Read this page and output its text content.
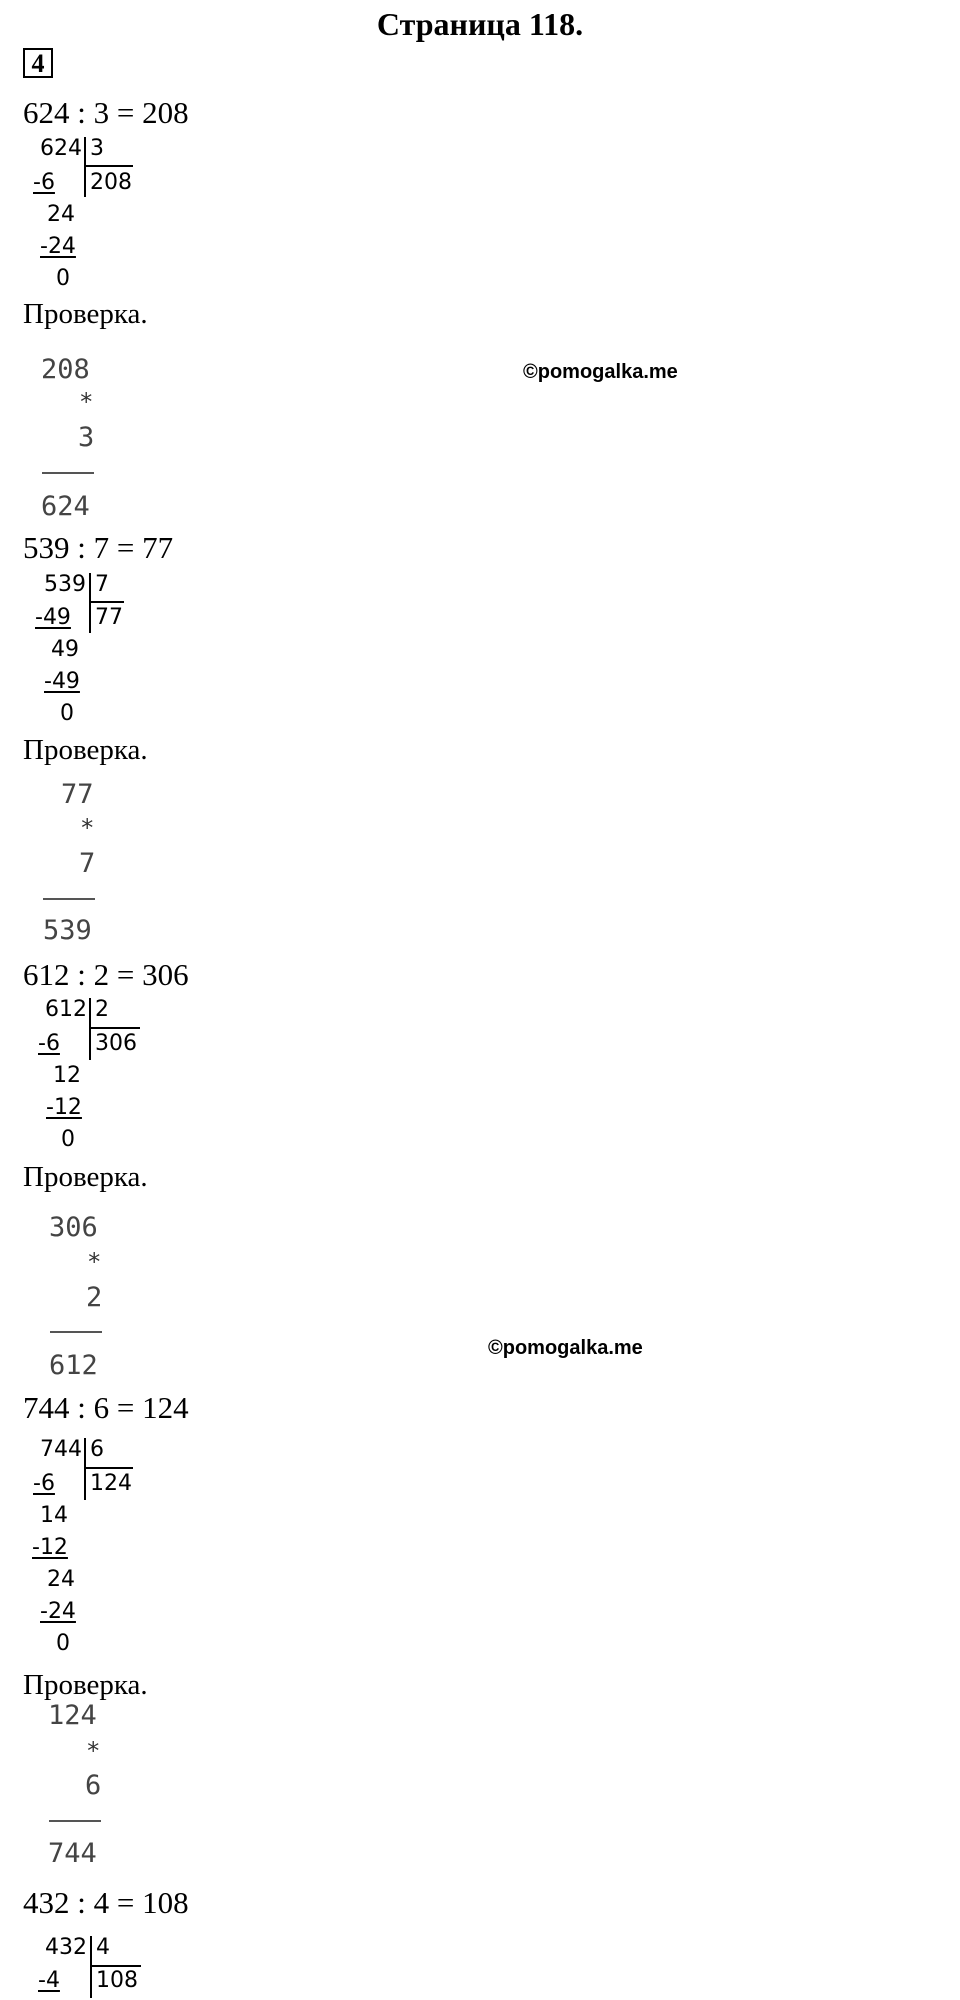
Страница 118.
4
©pomogalka.me
©pomogalka.me
624 : 3 = 208
624 3
208
-6
24
-24
0
Проверка.
208
*
3
624
539 : 7 = 77
539 7
77
-49
49
-49
0
Проверка.
77
*
7
539
612 : 2 = 306
612 2
306
-6
12
-12
0
Проверка.
306
*
2
612
744 : 6 = 124
744 6
124
-6
14
-12
24
-24
0
Проверка.
124
*
6
744
432 : 4 = 108
432 4
108
-4
